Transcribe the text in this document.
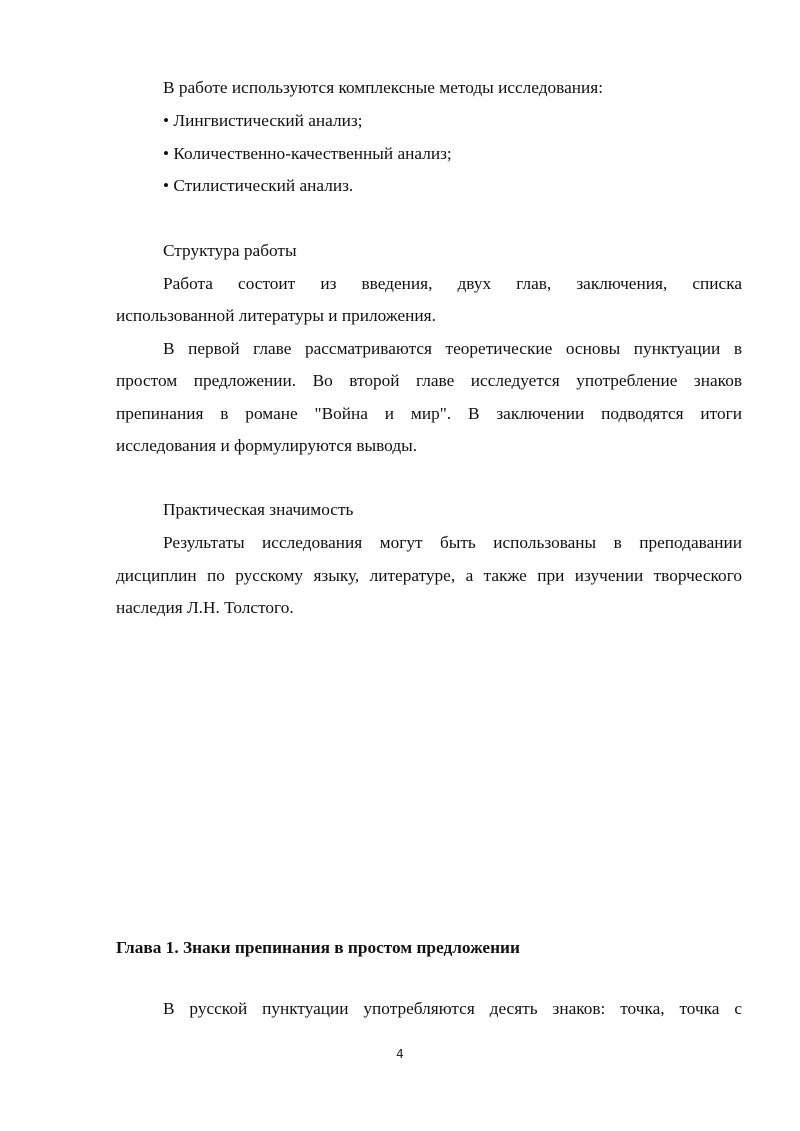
В работе используются комплексные методы исследования:
• Лингвистический анализ;
• Количественно-качественный анализ;
• Стилистический анализ.
Структура работы
Работа состоит из введения, двух глав, заключения, списка
использованной литературы и приложения.
В первой главе рассматриваются теоретические основы пунктуации в
простом предложении. Во второй главе исследуется употребление знаков
препинания в романе "Война и мир". В заключении подводятся итоги
исследования и формулируются выводы.
Практическая значимость
Результаты исследования могут быть использованы в преподавании
дисциплин по русскому языку, литературе, а также при изучении творческого
наследия Л.Н. Толстого.
Глава 1. Знаки препинания в простом предложении
В русской пунктуации употребляются десять знаков: точка, точка с
4
